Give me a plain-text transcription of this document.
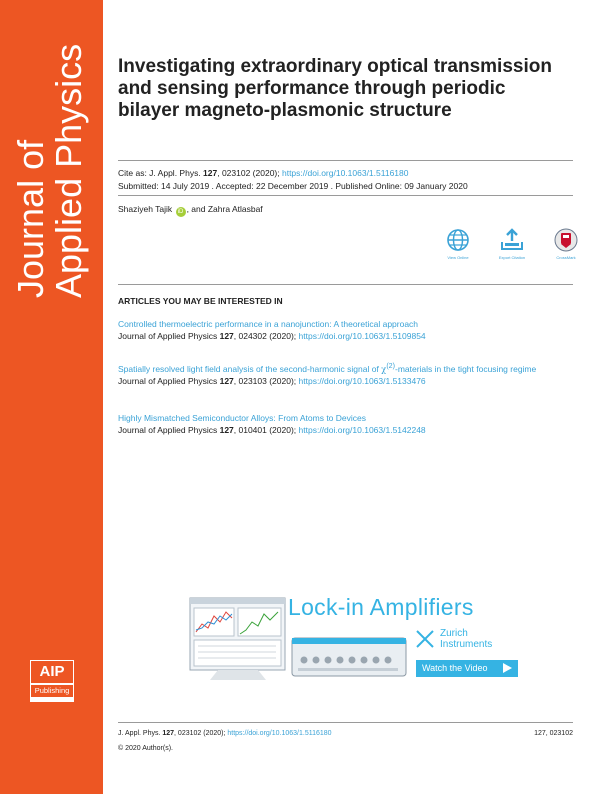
Journal of
Applied Physics
AIP
Publishing
Investigating extraordinary optical transmission and sensing performance through periodic bilayer magneto-plasmonic structure
Cite as: J. Appl. Phys. 127, 023102 (2020); https://doi.org/10.1063/1.5116180
Submitted: 14 July 2019 . Accepted: 22 December 2019 . Published Online: 09 January 2020
Shaziyeh Tajik iD , and Zahra Atlasbaf
View Online	Export Citation	CrossMark
ARTICLES YOU MAY BE INTERESTED IN
Controlled thermoelectric performance in a nanojunction: A theoretical approach
Journal of Applied Physics 127, 024302 (2020); https://doi.org/10.1063/1.5109854
Spatially resolved light field analysis of the second-harmonic signal of $\chi^{(2)}$-materials in the tight focusing regime
Journal of Applied Physics 127, 023103 (2020); https://doi.org/10.1063/1.5133476
Highly Mismatched Semiconductor Alloys: From Atoms to Devices
Journal of Applied Physics 127, 010401 (2020); https://doi.org/10.1063/1.5142248
Lock-in Amplifiers
Zurich
Instruments
Watch the Video
J. Appl. Phys. 127, 023102 (2020); https://doi.org/10.1063/1.5116180	127, 023102
© 2020 Author(s).
